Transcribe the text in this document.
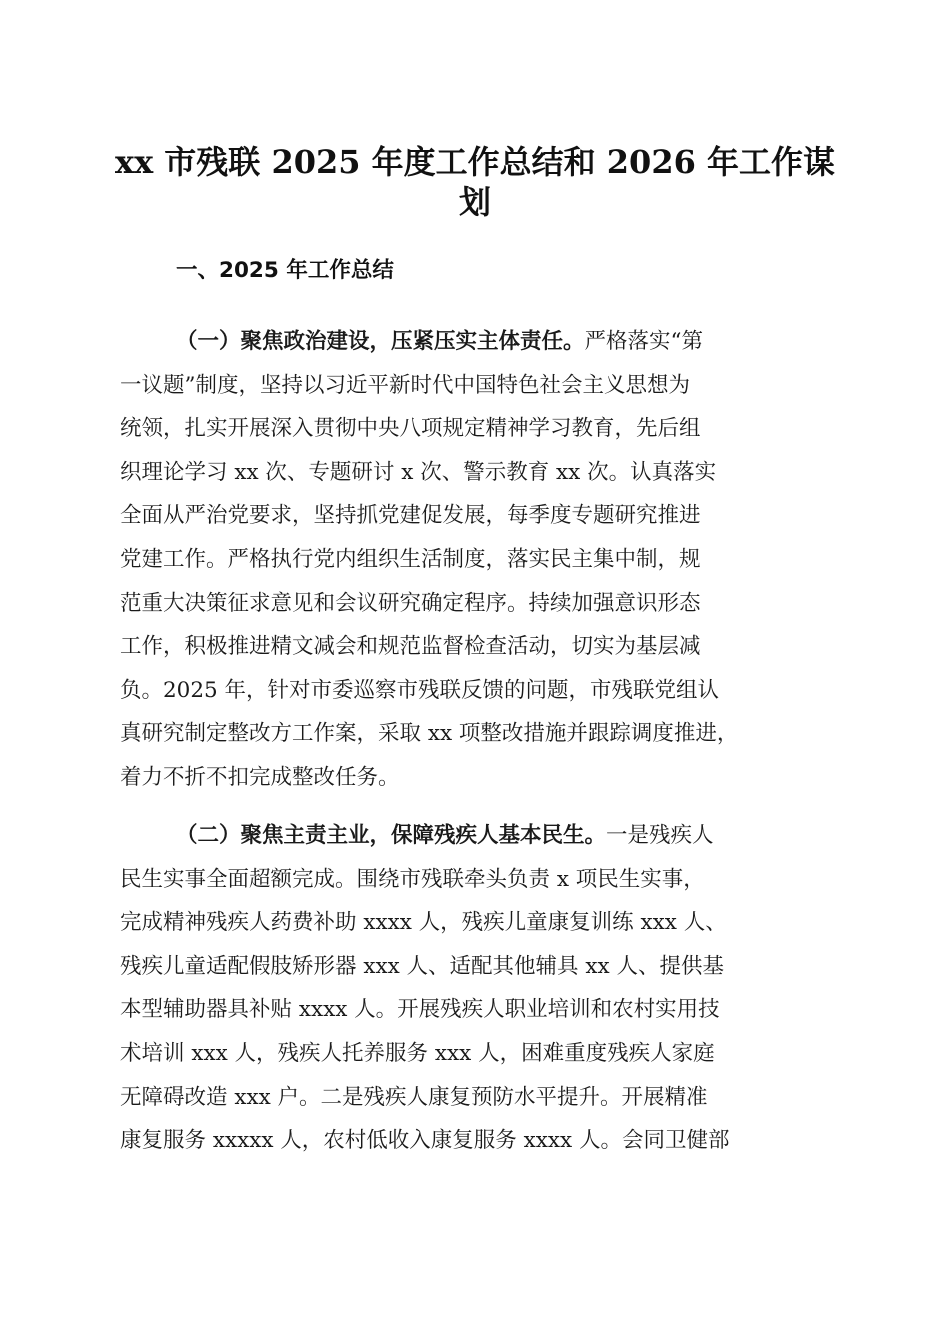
xx 市残联 2025 年度工作总结和 2026 年工作谋
划
一、2025 年工作总结
（一）聚焦政治建设，压紧压实主体责任。严格落实“第
一议题”制度，坚持以习近平新时代中国特色社会主义思想为
统领，扎实开展深入贯彻中央八项规定精神学习教育，先后组
织理论学习 xx 次、专题研讨 x 次、警示教育 xx 次。认真落实
全面从严治党要求，坚持抓党建促发展，每季度专题研究推进
党建工作。严格执行党内组织生活制度，落实民主集中制，规
范重大决策征求意见和会议研究确定程序。持续加强意识形态
工作，积极推进精文减会和规范监督检查活动，切实为基层减
负。2025 年，针对市委巡察市残联反馈的问题，市残联党组认
真研究制定整改方工作案，采取 xx 项整改措施并跟踪调度推进，
着力不折不扣完成整改任务。
（二）聚焦主责主业，保障残疾人基本民生。一是残疾人
民生实事全面超额完成。围绕市残联牵头负责 x 项民生实事，
完成精神残疾人药费补助 xxxx 人，残疾儿童康复训练 xxx 人、
残疾儿童适配假肢矫形器 xxx 人、适配其他辅具 xx 人、提供基
本型辅助器具补贴 xxxx 人。开展残疾人职业培训和农村实用技
术培训 xxx 人，残疾人托养服务 xxx 人，困难重度残疾人家庭
无障碍改造 xxx 户。二是残疾人康复预防水平提升。开展精准
康复服务 xxxxx 人，农村低收入康复服务 xxxx 人。会同卫健部
